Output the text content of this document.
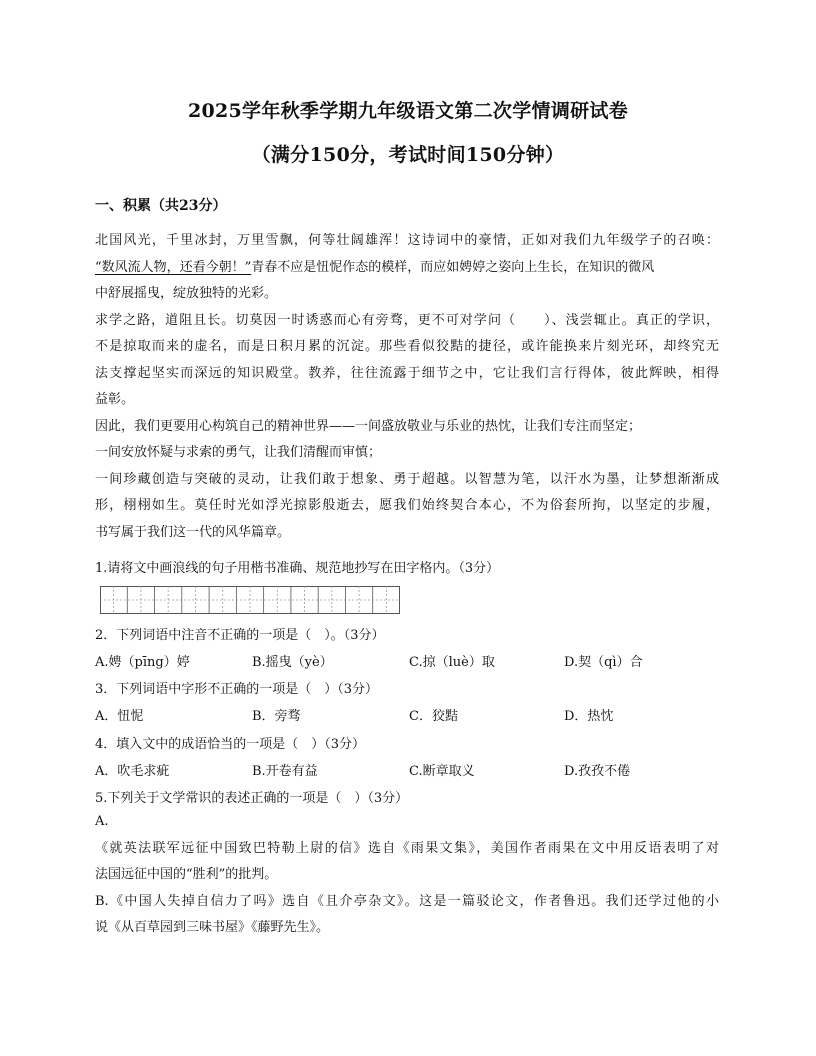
2025学年秋季学期九年级语文第二次学情调研试卷
（满分150分，考试时间150分钟）
一、积累（共23分）
北国风光，千里冰封，万里雪飘，何等壮阔雄浑！这诗词中的豪情，正如对我们九年级学子的召唤：
“数风流人物，还看今朝！”青春不应是忸怩作态的模样，而应如娉婷之姿向上生长，在知识的微风
中舒展摇曳，绽放独特的光彩。
求学之路，道阻且长。切莫因一时诱惑而心有旁骛，更不可对学问（　　）、浅尝辄止。真正的学识，
不是掠取而来的虚名，而是日积月累的沉淀。那些看似狡黠的捷径，或许能换来片刻光环，却终究无
法支撑起坚实而深远的知识殿堂。教养，往往流露于细节之中，它让我们言行得体，彼此辉映，相得
益彰。
因此，我们更要用心构筑自己的精神世界——一间盛放敬业与乐业的热忱，让我们专注而坚定；
一间安放怀疑与求索的勇气，让我们清醒而审慎；
一间珍藏创造与突破的灵动，让我们敢于想象、勇于超越。以智慧为笔，以汗水为墨，让梦想渐渐成
形，栩栩如生。莫任时光如浮光掠影般逝去，愿我们始终契合本心，不为俗套所拘，以坚定的步履，
书写属于我们这一代的风华篇章。
1.请将文中画浪线的句子用楷书准确、规范地抄写在田字格内。（3分）
2．下列词语中注音不正确的一项是（　）。（3分）
A.娉（pīng）婷	B.摇曳（yè）	C.掠（luè）取	D.契（qì）合
3．下列词语中字形不正确的一项是（　）（3分）
A．忸怩	B．旁骛	C．狡黠	D．热忱
4．填入文中的成语恰当的一项是（　）（3分）
A．吹毛求疵	B.开卷有益	C.断章取义	D.孜孜不倦
5.下列关于文学常识的表述正确的一项是（　）（3分）
A.
《就英法联军远征中国致巴特勒上尉的信》选自《雨果文集》，美国作者雨果在文中用反语表明了对
法国远征中国的“胜利”的批判。
B.《中国人失掉自信力了吗》选自《且介亭杂文》。这是一篇驳论文，作者鲁迅。我们还学过他的小
说《从百草园到三味书屋》《藤野先生》。
